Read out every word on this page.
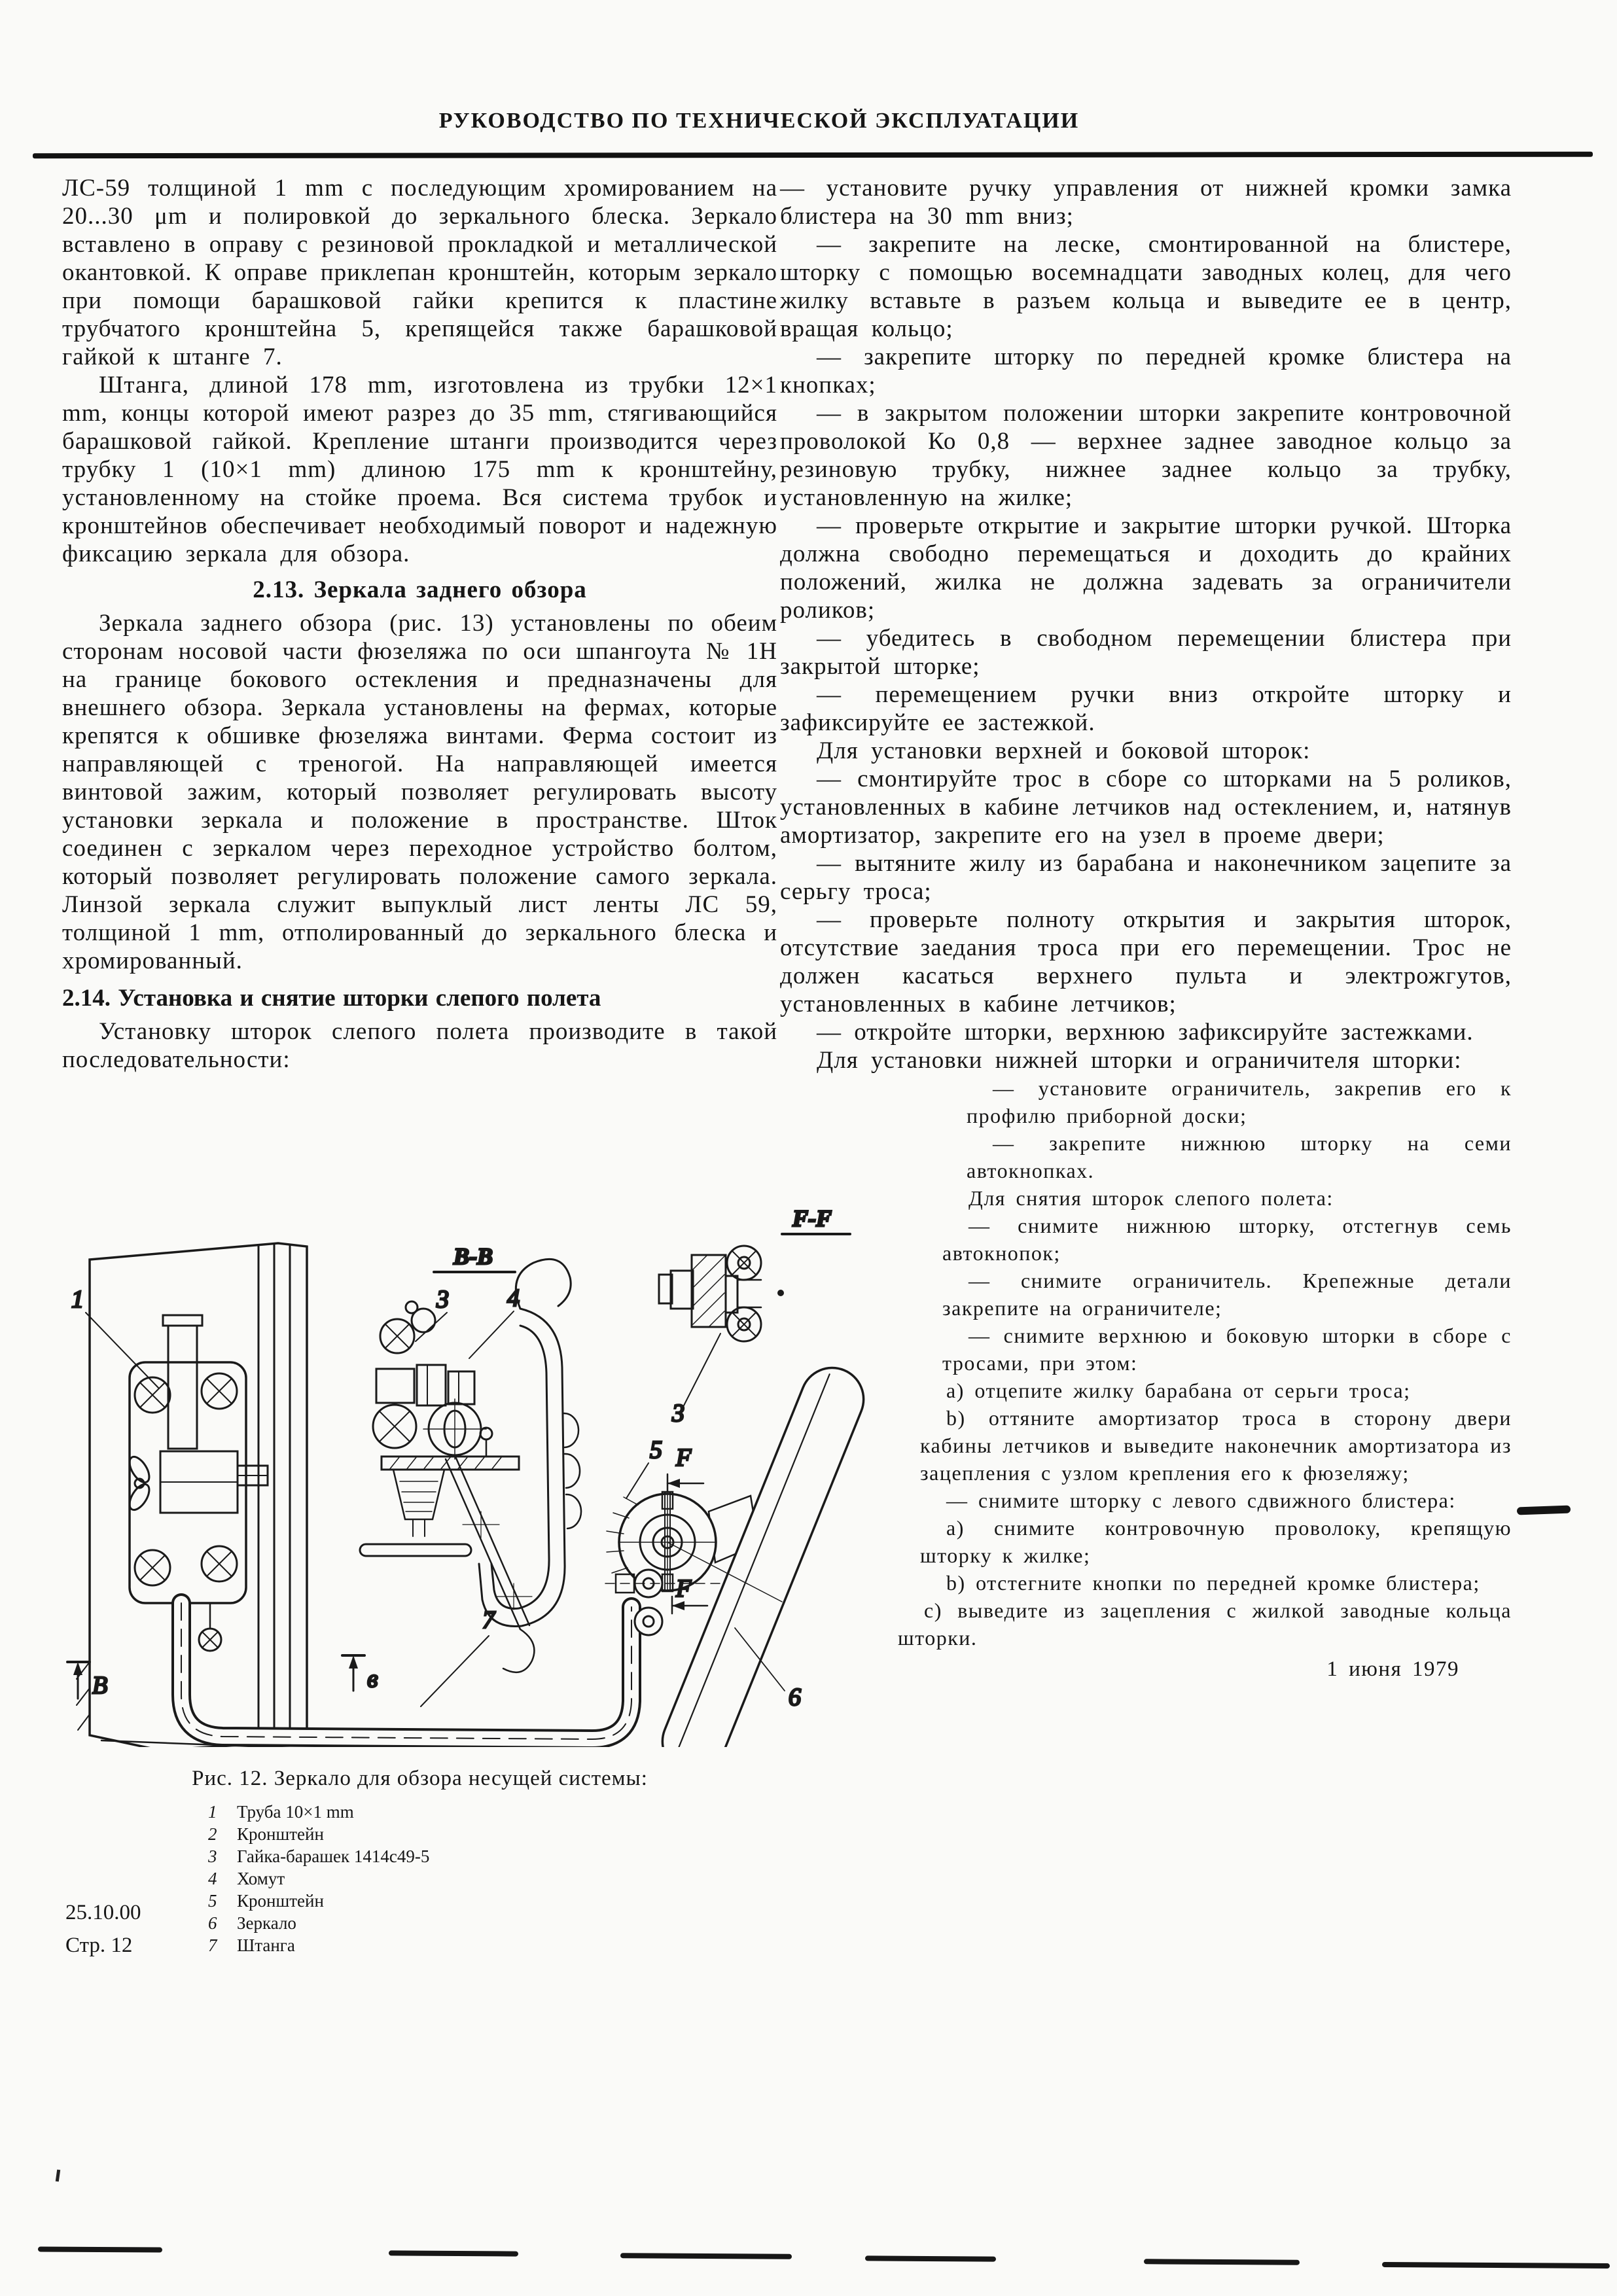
РУКОВОДСТВО ПО ТЕХНИЧЕСКОЙ ЭКСПЛУАТАЦИИ

ЛС-59 толщиной 1 mm с последующим хромированием на 20...30 μm и полировкой до зеркального блеска. Зеркало вставлено в оправу с резиновой прокладкой и металлической окантовкой. К оправе приклепан кронштейн, которым зеркало при помощи барашковой гайки крепится к пластине трубчатого кронштейна 5, крепящейся также барашковой гайкой к штанге 7.

Штанга, длиной 178 mm, изготовлена из трубки 12×1 mm, концы которой имеют разрез до 35 mm, стягивающийся барашковой гайкой. Крепление штанги производится через трубку 1 (10×1 mm) длиною 175 mm к кронштейну, установленному на стойке проема. Вся система трубок и кронштейнов обеспечивает необходимый поворот и надежную фиксацию зеркала для обзора.

2.13. Зеркала заднего обзора

Зеркала заднего обзора (рис. 13) установлены по обеим сторонам носовой части фюзеляжа по оси шпангоута № 1Н на границе бокового остекления и предназначены для внешнего обзора. Зеркала установлены на фермах, которые крепятся к обшивке фюзеляжа винтами. Ферма состоит из направляющей с треногой. На направляющей имеется винтовой зажим, который позволяет регулировать высоту установки зеркала и положение в пространстве. Шток соединен с зеркалом через переходное устройство болтом, который позволяет регулировать положение самого зеркала. Линзой зеркала служит выпуклый лист ленты ЛС 59, толщиной 1 mm, отполированный до зеркального блеска и хромированный.

2.14. Установка и снятие шторки слепого полета

Установку шторок слепого полета производите в такой последовательности:

— установите ручку управления от нижней кромки замка блистера на 30 mm вниз;

— закрепите на леске, смонтированной на блистере, шторку с помощью восемнадцати заводных колец, для чего жилку вставьте в разъем кольца и выведите ее в центр, вращая кольцо;

— закрепите шторку по передней кромке блистера на кнопках;

— в закрытом положении шторки закрепите контровочной проволокой Ко 0,8 — верхнее заднее заводное кольцо за резиновую трубку, нижнее заднее кольцо за трубку, установленную на жилке;

— проверьте открытие и закрытие шторки ручкой. Шторка должна свободно перемещаться и доходить до крайних положений, жилка не должна задевать за ограничители роликов;

— убедитесь в свободном перемещении блистера при закрытой шторке;

— перемещением ручки вниз откройте шторку и зафиксируйте ее застежкой.

Для установки верхней и боковой шторок:

— смонтируйте трос в сборе со шторками на 5 роликов, установленных в кабине летчиков над остеклением, и, натянув амортизатор, закрепите его на узел в проеме двери;

— вытяните жилу из барабана и наконечником зацепите за серьгу троса;

— проверьте полноту открытия и закрытия шторок, отсутствие заедания троса при его перемещении. Трос не должен касаться верхнего пульта и электрожгутов, установленных в кабине летчиков;

— откройте шторки, верхнюю зафиксируйте застежками.

Для установки нижней шторки и ограничителя шторки:

— установите ограничитель, закрепив его к профилю приборной доски;

— закрепите нижнюю шторку на семи автокнопках.

Для снятия шторок слепого полета:

— снимите нижнюю шторку, отстегнув семь автокнопок;

— снимите ограничитель. Крепежные детали закрепите на ограничителе;

— снимите верхнюю и боковую шторки в сборе с тросами, при этом:

а) отцепите жилку барабана от серьги троса;

b) оттяните амортизатор троса в сторону двери кабины летчиков и выведите наконечник амортизатора из зацепления с узлом крепления его к фюзеляжу;

— снимите шторку с левого сдвижного блистера:

а) снимите контровочную проволоку, крепящую шторку к жилке;

b) отстегните кнопки по передней кромке блистера;

с) выведите из зацепления с жилкой заводные кольца шторки.

1 июня 1979
В-В
3 4
F
F
F-F
3
1
5
7
6
В	в
Рис. 12. Зеркало для обзора несущей системы:
1 Труба 10×1 mm
2 Кронштейн
3 Гайка-барашек 1414с49-5
4 Хомут
5 Кронштейн
6 Зеркало
7 Штанга
25.10.00
Стр. 12
